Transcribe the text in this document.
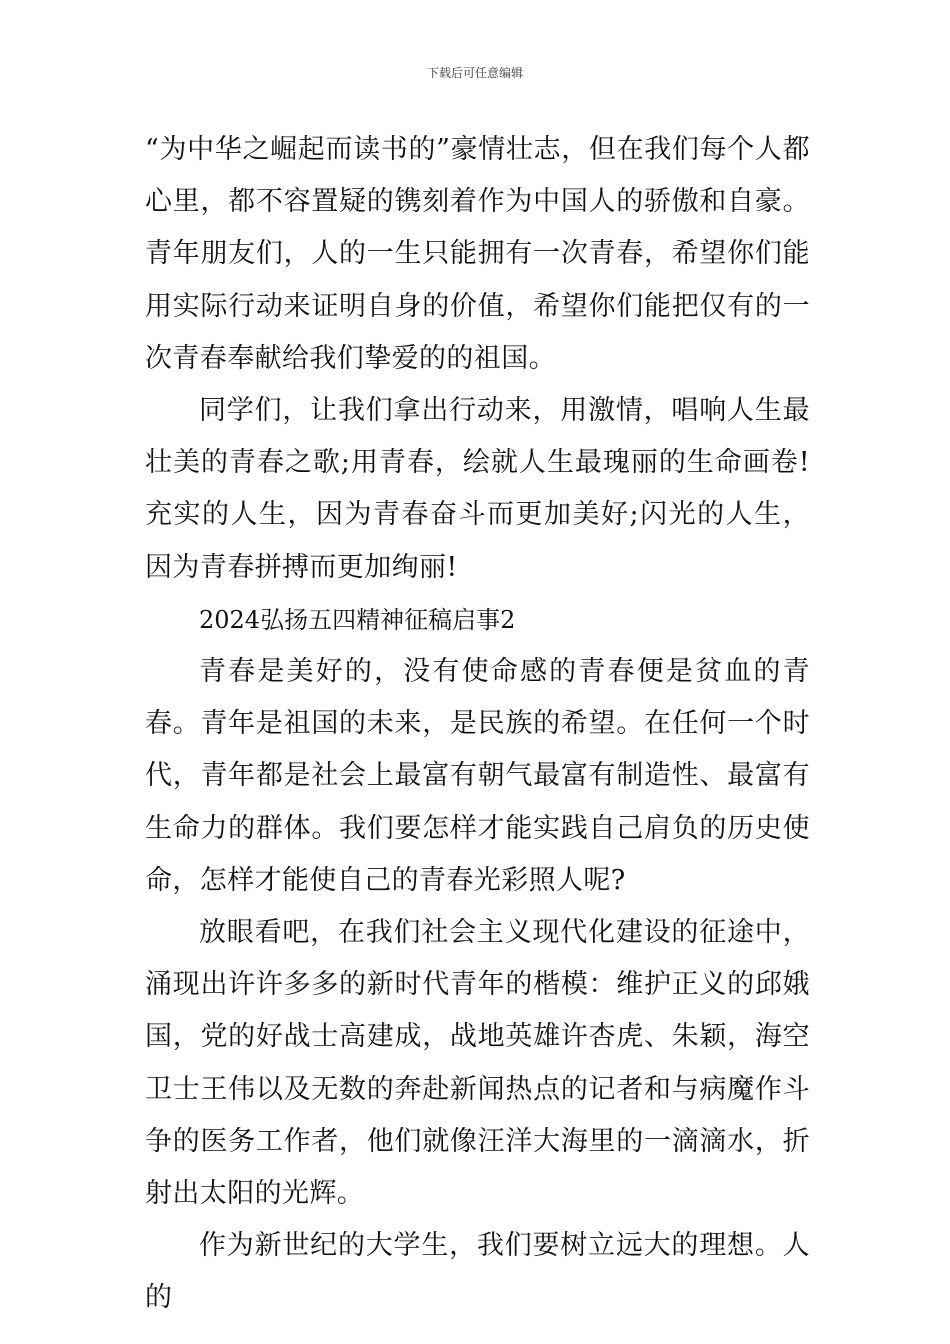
下载后可任意编辑

“为中华之崛起而读书的”豪情壮志，但在我们每个人都心里，都不容置疑的镌刻着作为中国人的骄傲和自豪。青年朋友们，人的一生只能拥有一次青春，希望你们能用实际行动来证明自身的价值，希望你们能把仅有的一次青春奉献给我们挚爱的的祖国。

同学们，让我们拿出行动来，用激情，唱响人生最壮美的青春之歌;用青春，绘就人生最瑰丽的生命画卷!充实的人生，因为青春奋斗而更加美好;闪光的人生，因为青春拼搏而更加绚丽!

2024弘扬五四精神征稿启事2

青春是美好的，没有使命感的青春便是贫血的青春。青年是祖国的未来，是民族的希望。在任何一个时代，青年都是社会上最富有朝气最富有制造性、最富有生命力的群体。我们要怎样才能实践自己肩负的历史使命，怎样才能使自己的青春光彩照人呢?

放眼看吧，在我们社会主义现代化建设的征途中，涌现出许许多多的新时代青年的楷模：维护正义的邱娥国，党的好战士高建成，战地英雄许杏虎、朱颖，海空卫士王伟以及无数的奔赴新闻热点的记者和与病魔作斗争的医务工作者，他们就像汪洋大海里的一滴滴水，折射出太阳的光辉。

作为新世纪的大学生，我们要树立远大的理想。人的
